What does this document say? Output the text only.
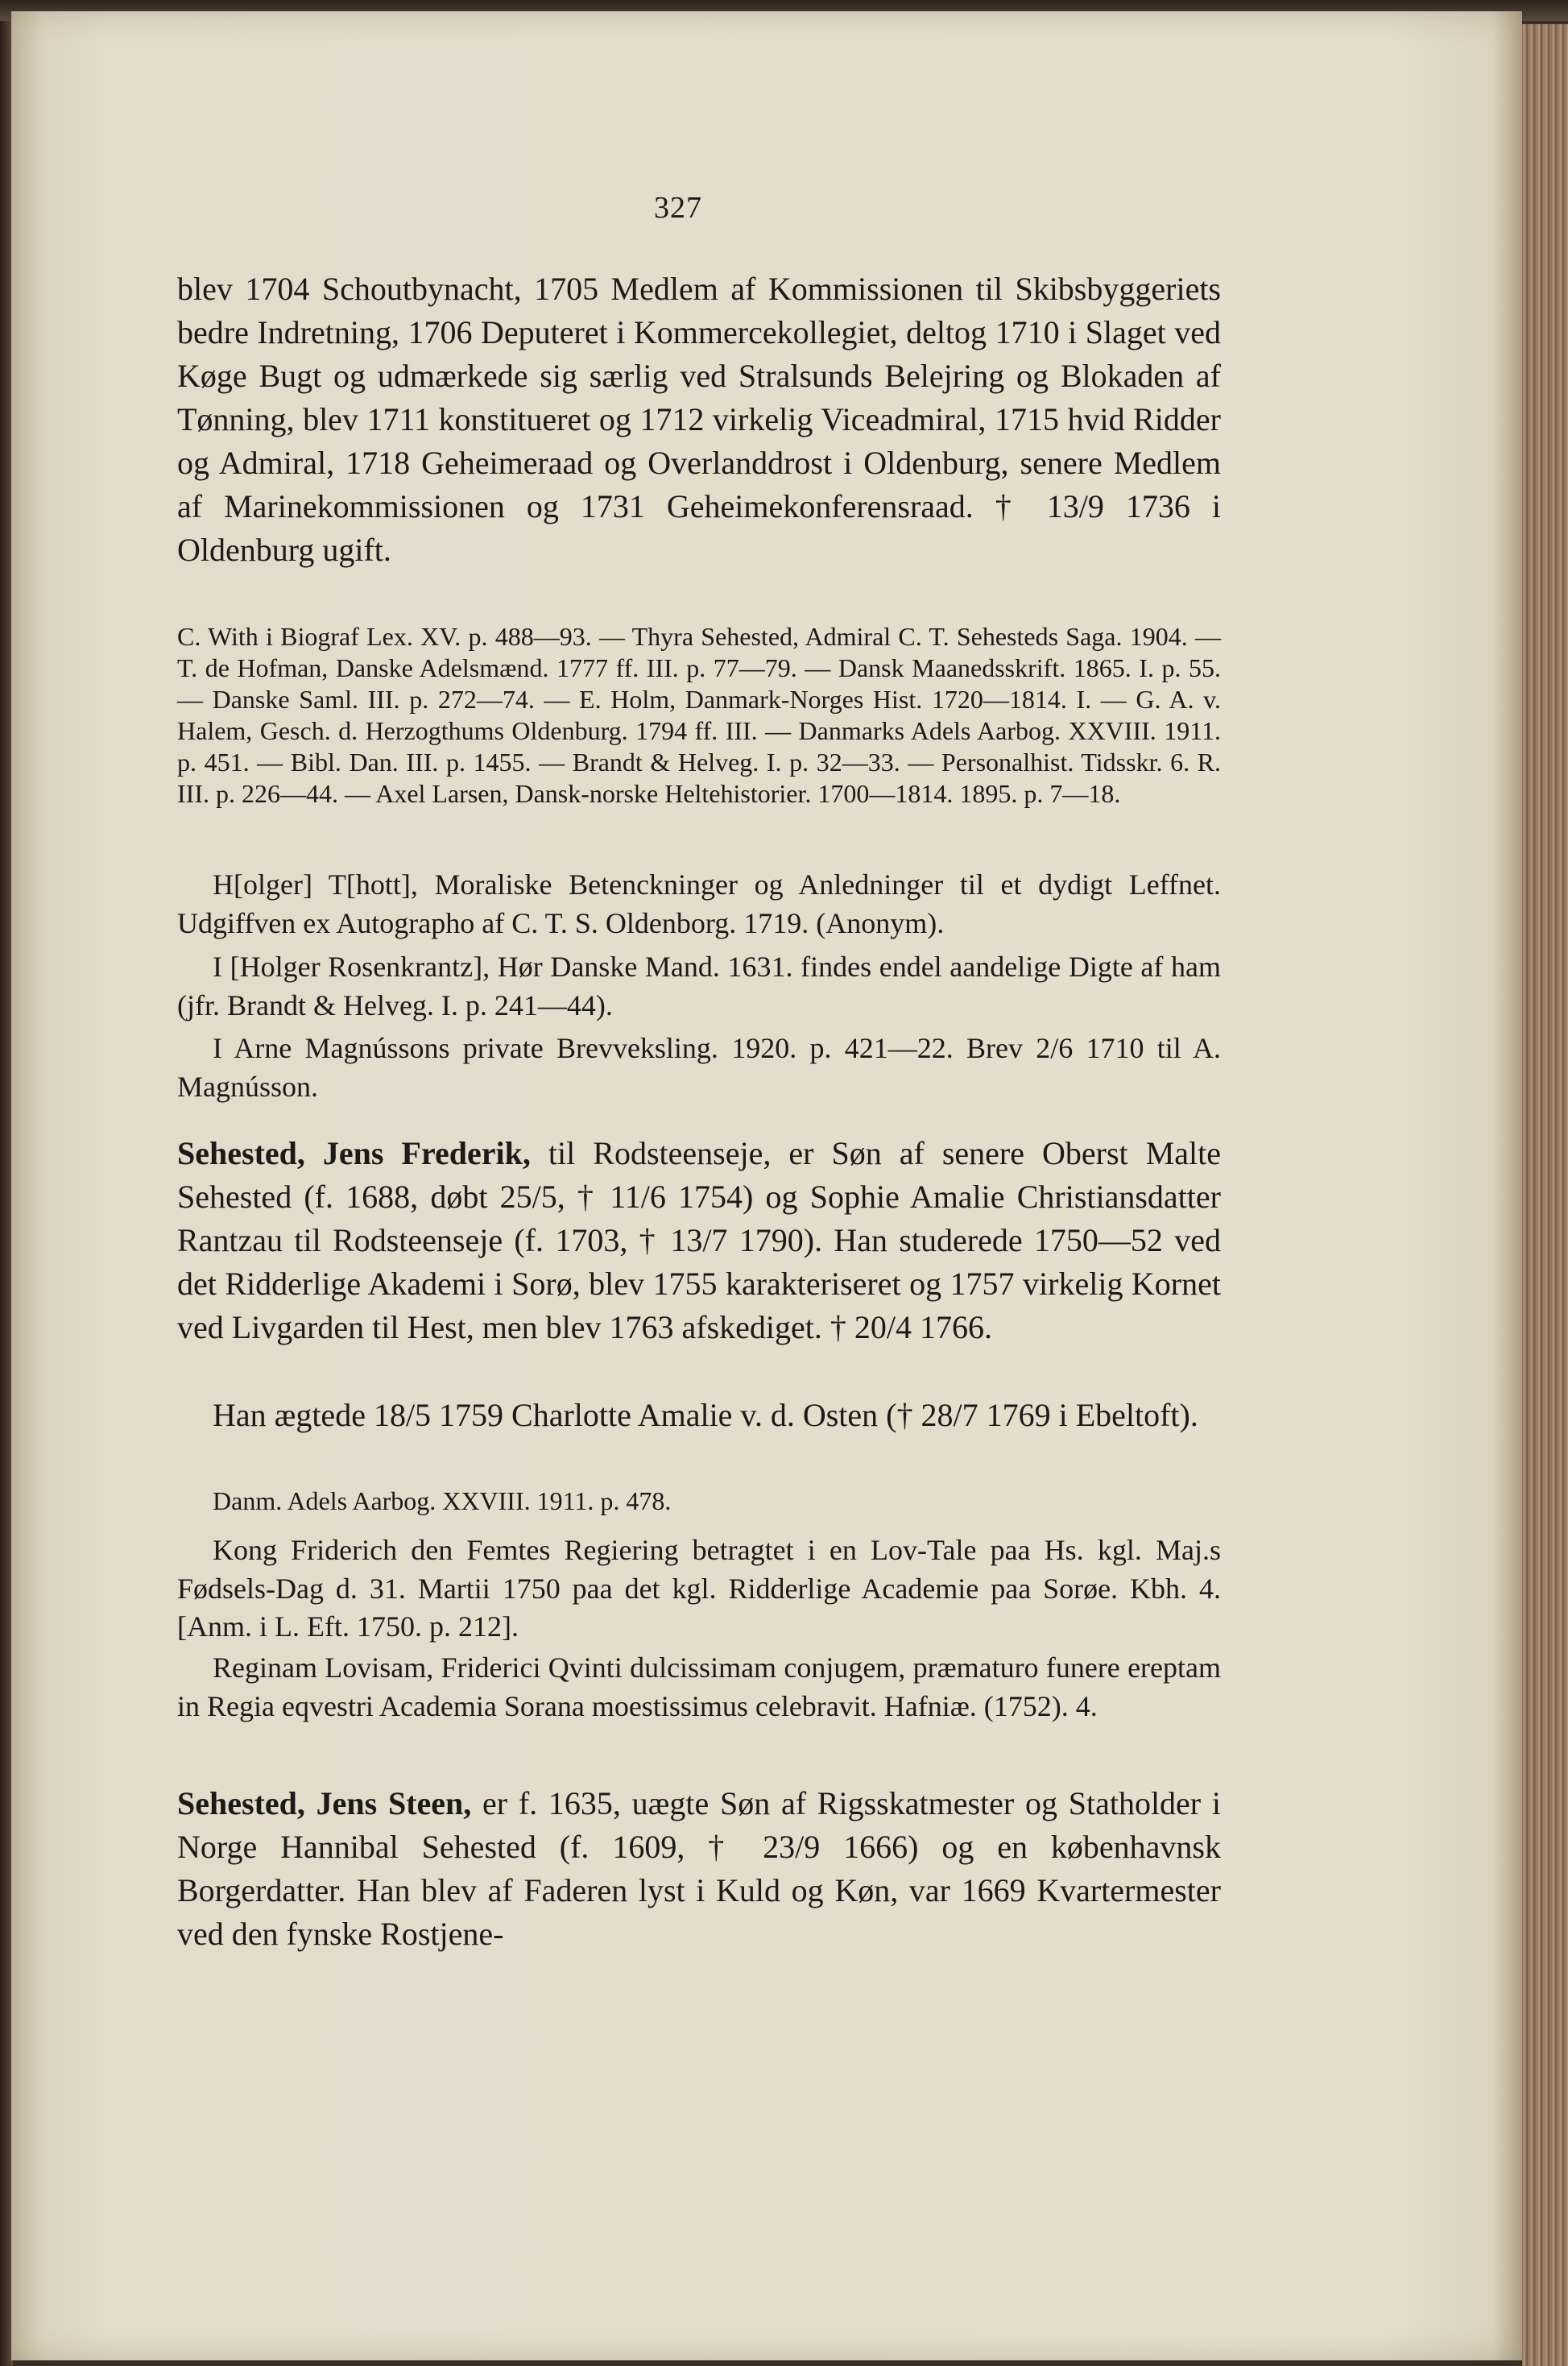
327

blev 1704 Schoutbynacht, 1705 Medlem af Kommissionen til Skibsbyggeriets bedre Indretning, 1706 Deputeret i Kommercekollegiet, deltog 1710 i Slaget ved Køge Bugt og udmærkede sig særlig ved Stralsunds Belejring og Blokaden af Tønning, blev 1711 konstitueret og 1712 virkelig Viceadmiral, 1715 hvid Ridder og Admiral, 1718 Geheimeraad og Overlanddrost i Oldenburg, senere Medlem af Marinekommissionen og 1731 Geheimekonferensraad. † 13/9 1736 i Oldenburg ugift.

C. With i Biograf Lex. XV. p. 488—93. — Thyra Sehested, Admiral C. T. Sehesteds Saga. 1904. — T. de Hofman, Danske Adelsmænd. 1777 ff. III. p. 77—79. — Dansk Maanedsskrift. 1865. I. p. 55. — Danske Saml. III. p. 272—74. — E. Holm, Danmark-Norges Hist. 1720—1814. I. — G. A. v. Halem, Gesch. d. Herzogthums Oldenburg. 1794 ff. III. — Danmarks Adels Aarbog. XXVIII. 1911. p. 451. — Bibl. Dan. III. p. 1455. — Brandt & Helveg. I. p. 32—33. — Personalhist. Tidsskr. 6. R. III. p. 226—44. — Axel Larsen, Dansk-norske Heltehistorier. 1700—1814. 1895. p. 7—18.

H[olger] T[hott], Moraliske Betenckninger og Anledninger til et dydigt Leffnet. Udgiffven ex Autographo af C. T. S. Oldenborg. 1719. (Anonym).

I [Holger Rosenkrantz], Hør Danske Mand. 1631. findes endel aandelige Digte af ham (jfr. Brandt & Helveg. I. p. 241—44).

I Arne Magnússons private Brevveksling. 1920. p. 421—22. Brev 2/6 1710 til A. Magnússon.

Sehested, Jens Frederik, til Rodsteenseje, er Søn af senere Oberst Malte Sehested (f. 1688, døbt 25/5, † 11/6 1754) og Sophie Amalie Christiansdatter Rantzau til Rodsteenseje (f. 1703, † 13/7 1790). Han studerede 1750—52 ved det Ridderlige Akademi i Sorø, blev 1755 karakteriseret og 1757 virkelig Kornet ved Livgarden til Hest, men blev 1763 afskediget. † 20/4 1766.

Han ægtede 18/5 1759 Charlotte Amalie v. d. Osten († 28/7 1769 i Ebeltoft).

Danm. Adels Aarbog. XXVIII. 1911. p. 478.

Kong Friderich den Femtes Regiering betragtet i en Lov-Tale paa Hs. kgl. Maj.s Fødsels-Dag d. 31. Martii 1750 paa det kgl. Ridderlige Academie paa Sorøe. Kbh. 4. [Anm. i L. Eft. 1750. p. 212].

Reginam Lovisam, Friderici Qvinti dulcissimam conjugem, præmaturo funere ereptam in Regia eqvestri Academia Sorana moestissimus celebravit. Hafniæ. (1752). 4.

Sehested, Jens Steen, er f. 1635, uægte Søn af Rigsskatmester og Statholder i Norge Hannibal Sehested (f. 1609, † 23/9 1666) og en københavnsk Borgerdatter. Han blev af Faderen lyst i Kuld og Køn, var 1669 Kvartermester ved den fynske Rostjene-
